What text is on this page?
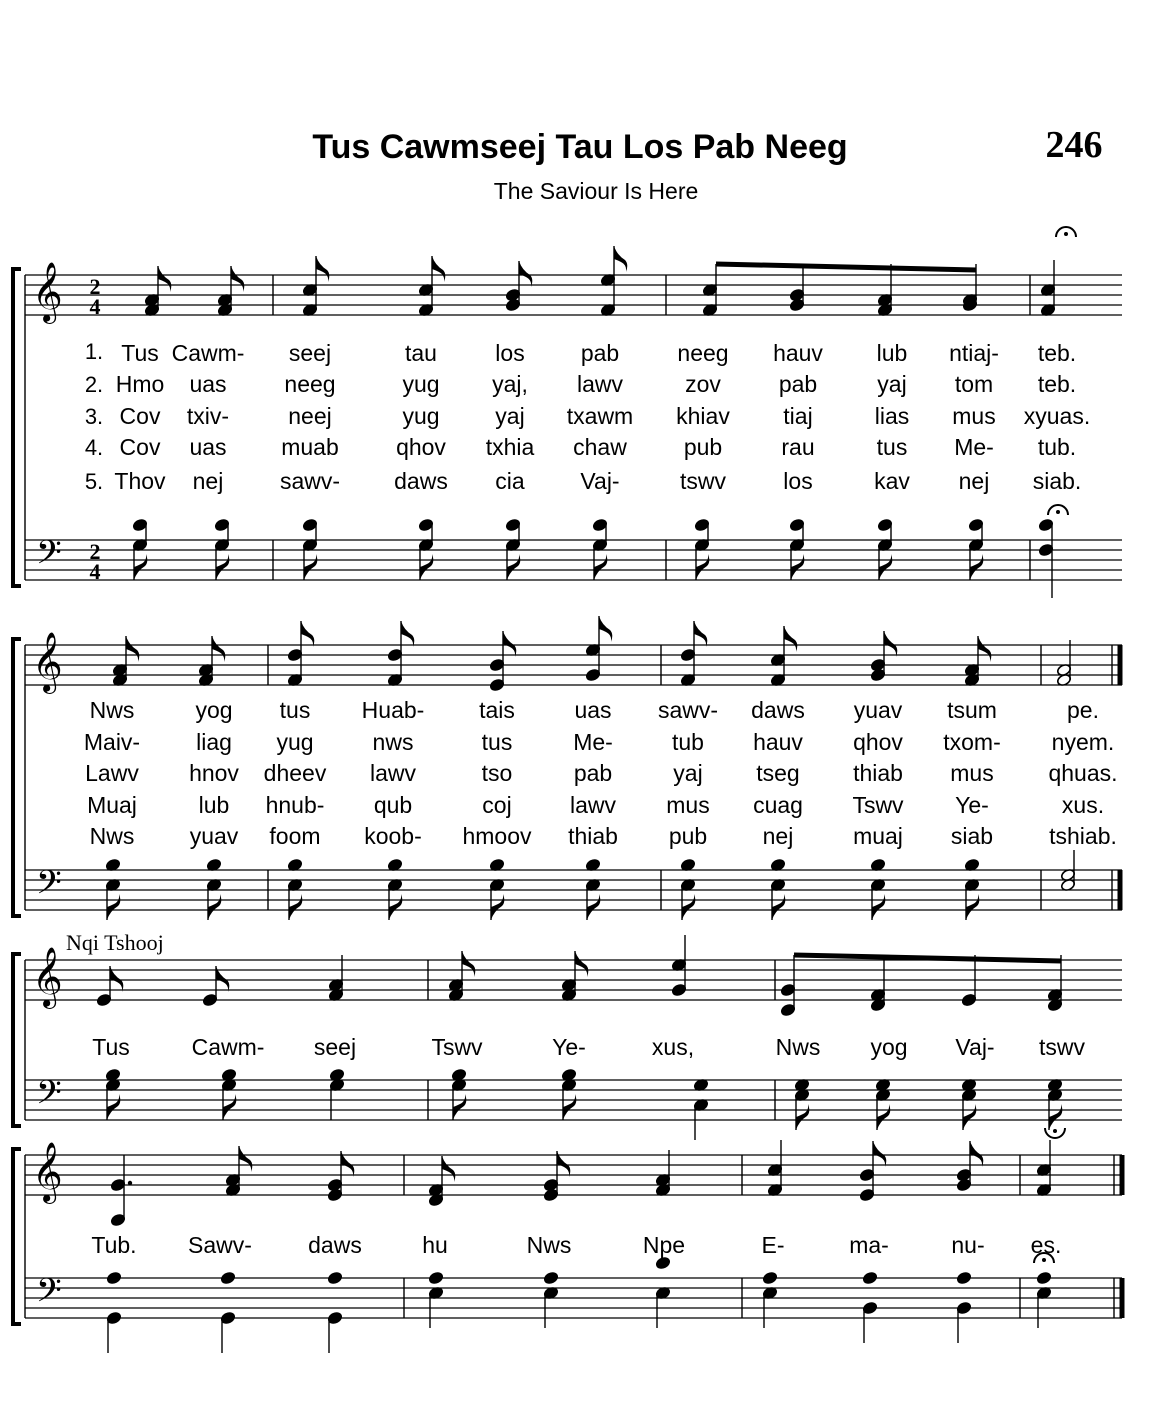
Tus Cawmseej Tau Los Pab Neeg
The Saviour Is Here
246
𝄞
𝄢
2
4
2
4
𝄞
𝄢
𝄞
𝄢
Nqi Tshooj
𝄞
𝄢
1. Tus Cawm- seej	tau	los pab	neeg hauv lub ntiaj- teb.
2. Hmo uas	neeg	yug yaj, lawv	zov	pab	yaj tom teb.
3. Cov txiv-	neej	yug yaj txawm khiav tiaj	lias mus xyuas.
4. Cov uas muab qhov txhia chaw pub	rau	tus Me- tub.
5. Thov nej sawv- daws cia Vaj-	tswv los	kav nej siab.
Nws	yog tus Huab- tais	uas sawv- daws yuav tsum	pe.
Maiv- liag yug	nws	tus	Me-	tub hauv qhov txom- nyem.
Lawv hnov dheev lawv	tso	pab	yaj tseg thiab mus qhuas.
Muaj	lub hnub- qub	coj	lawv mus cuag Tswv Ye-	xus.
Nws yuav foom koob- hmoov thiab pub nej	muaj siab tshiab.
Tus	Cawm- seej	Tswv	Ye-	xus,	Nws yog Vaj- tswv
Tub. Sawv- daws	hu	Nws	Npe	E-	ma-	nu- es.
